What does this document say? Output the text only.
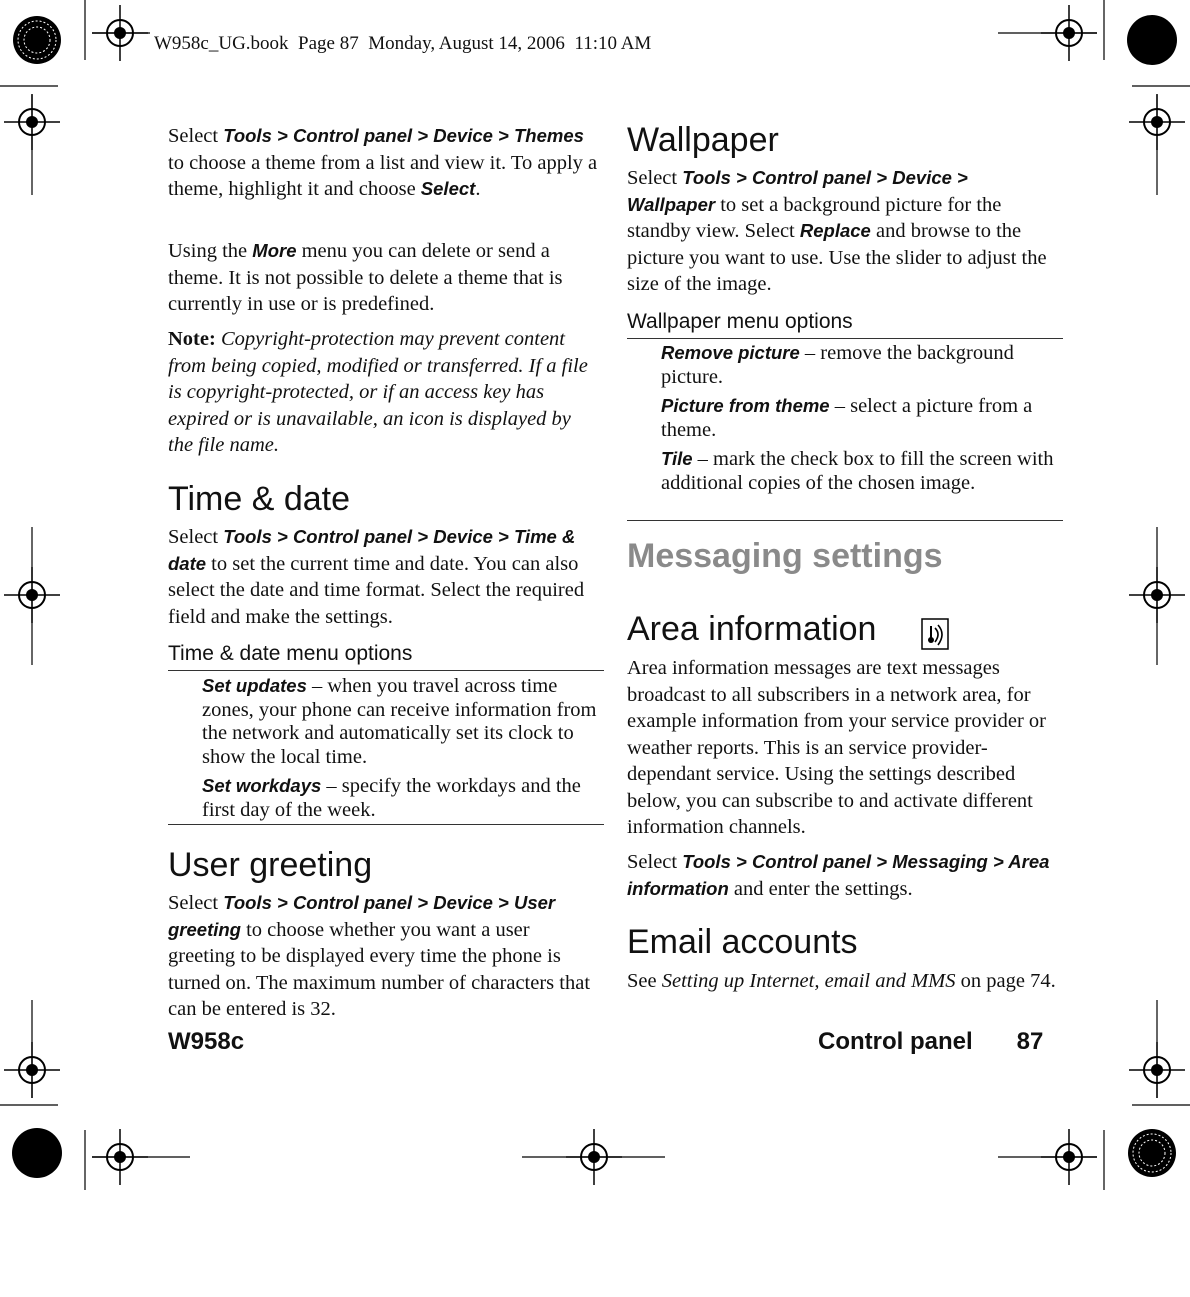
W958c_UG.book  Page 87  Monday, August 14, 2006  11:10 AM

Select Tools > Control panel > Device > Themes to choose a theme from a list and view it. To apply a theme, highlight it and choose Select.

Using the More menu you can delete or send a theme. It is not possible to delete a theme that is currently in use or is predefined.

Note: Copyright-protection may prevent content from being copied, modified or transferred. If a file is copyright-protected, or if an access key has expired or is unavailable, an icon is displayed by the file name.

Time & date

Select Tools > Control panel > Device > Time & date to set the current time and date. You can also select the date and time format. Select the required field and make the settings.

Time & date menu options

Set updates – when you travel across time zones, your phone can receive information from the network and automatically set its clock to show the local time.

Set workdays – specify the workdays and the first day of the week.

User greeting

Select Tools > Control panel > Device > User greeting to choose whether you want a user greeting to be displayed every time the phone is turned on. The maximum number of characters that can be entered is 32.

Wallpaper

Select Tools > Control panel > Device > Wallpaper to set a background picture for the standby view. Select Replace and browse to the picture you want to use. Use the slider to adjust the size of the image.

Wallpaper menu options

Remove picture – remove the background picture.

Picture from theme – select a picture from a theme.

Tile – mark the check box to fill the screen with additional copies of the chosen image.

Messaging settings
Area information
Area information messages are text messages broadcast to all subscribers in a network area, for example information from your service provider or weather reports. This is an service provider-dependant service. Using the settings described below, you can subscribe to and activate different information channels.

Select Tools > Control panel > Messaging > Area information and enter the settings.

Email accounts

See Setting up Internet, email and MMS on page 74.

W958c	Control panel 87
